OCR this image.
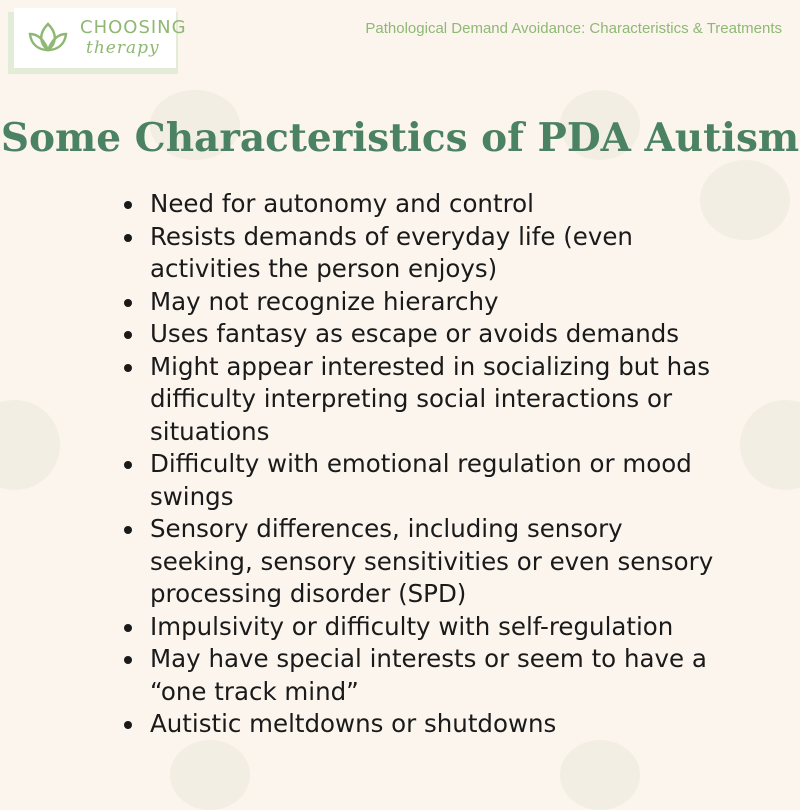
CHOOSING
therapy
Pathological Demand Avoidance: Characteristics & Treatments
Some Characteristics of PDA Autism
Need for autonomy and control
Resists demands of everyday life (even activities the person enjoys)
May not recognize hierarchy
Uses fantasy as escape or avoids demands
Might appear interested in socializing but has difficulty interpreting social interactions or situations
Difficulty with emotional regulation or mood swings
Sensory differences, including sensory seeking, sensory sensitivities or even sensory processing disorder (SPD)
Impulsivity or difficulty with self-regulation
May have special interests or seem to have a “one track mind”
Autistic meltdowns or shutdowns
